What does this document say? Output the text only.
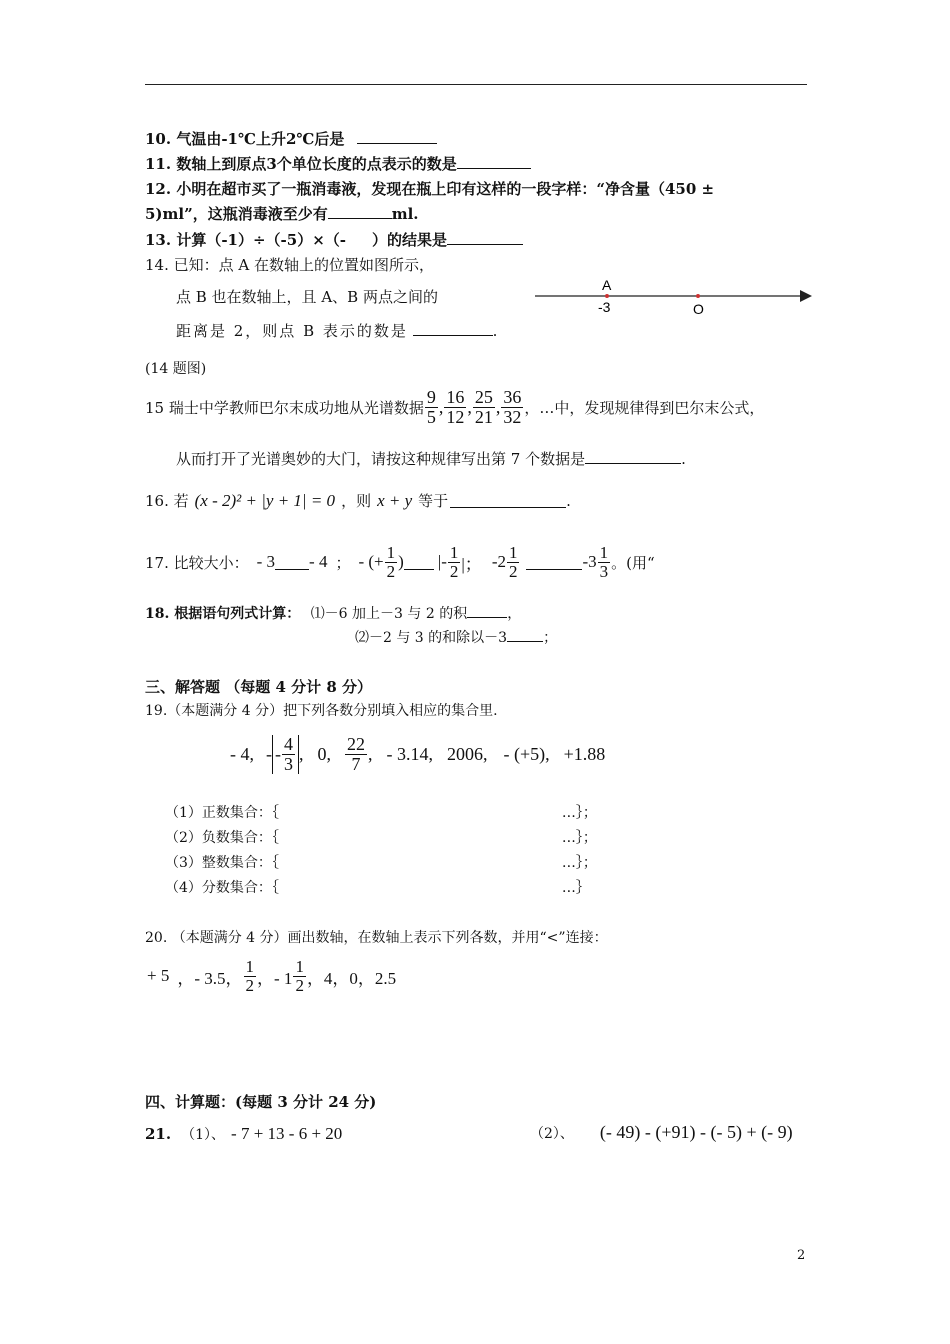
10. 气温由-1℃上升2℃后是
11. 数轴上到原点3个单位长度的点表示的数是
12. 小明在超市买了一瓶消毒液，发现在瓶上印有这样的一段字样：“净含量（450 ±
5)ml”，这瓶消毒液至少有	ml.
13. 计算（-1）÷（-5）×（- ）的结果是
14. 已知：点 A 在数轴上的位置如图所示，
点 B 也在数轴上，且 A、B 两点之间的
距离是 2，则点 B 表示的数是	.
A
-3	O
(14 题图)
15 瑞士中学教师巴尔末成功地从光谱数据 $\frac{9}{5}$ , $\frac{16}{12}$ , $\frac{25}{21}$ , $\frac{36}{32}$ ，…中，发现规律得到巴尔末公式，
从而打开了光谱奥妙的大门，请按这种规律写出第 7 个数据是	.
16. 若 (x - 2)² + |y + 1| = 0 ，则 x + y 等于	.
17. 比较大小： - 3 - 4 ； - (+ $\frac{1}{2}$ ) | - $\frac{1}{2}$ |； $-2 \frac{1}{2}$	$-3 \frac{1}{3}$ 。(用“
18. 根据语句列式计算： ⑴－6 加上－3 与 2 的积	，
⑵－2 与 3 的和除以－3	；
三、解答题 （每题 4 分计 8 分）
19.（本题满分 4 分）把下列各数分别填入相应的集合里.
- 4, - - $\frac{4}{3}$ , 0, $\frac{22}{7}$ , - 3.14, 2006, - (+5), +1.88
（1）正数集合：｛	…｝；
（2）负数集合：｛	…｝；
（3）整数集合：｛	…｝；
（4）分数集合：｛	…｝
20. （本题满分 4 分）画出数轴，在数轴上表示下列各数，并用“<”连接：
+ 5 ，- 3.5， $\frac{1}{2}$ ，- $1 \frac{1}{2}$ ，4，0，2.5
四、计算题：(每题 3 分计 24 分)
21. （1）、 - 7 + 13 - 6 + 20	（2）、 (- 49) - (+91) - (- 5) + (- 9)
2
